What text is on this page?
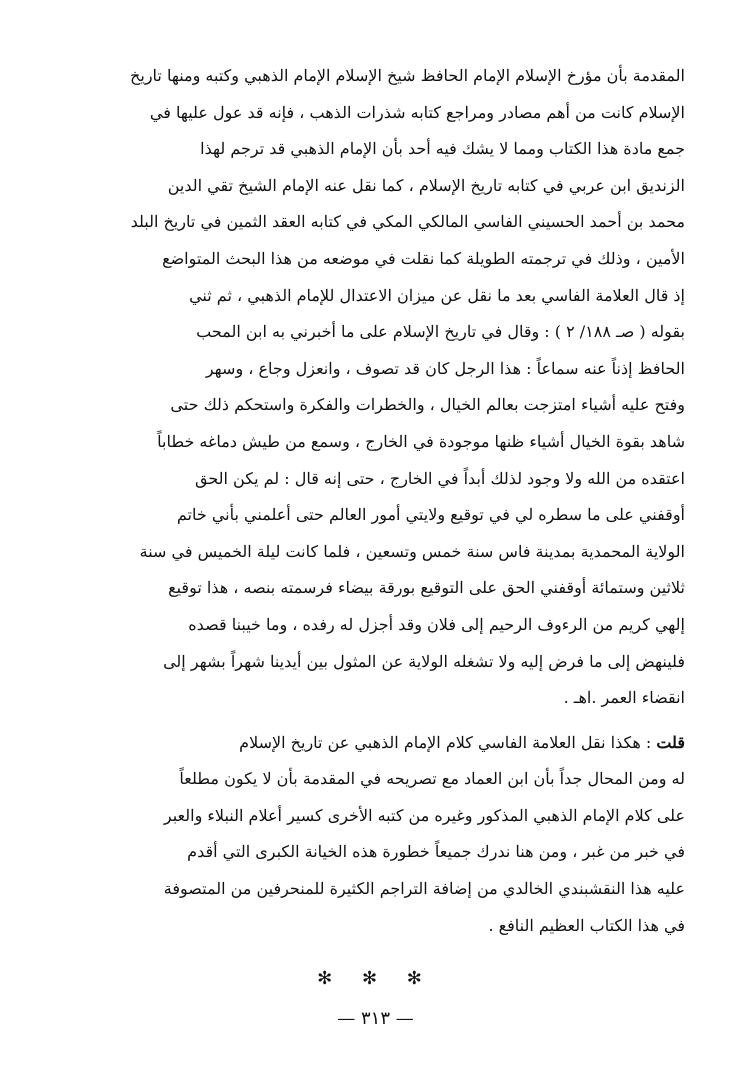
المقدمة بأن مؤرخ الإسلام الإمام الحافظ شيخ الإسلام الإمام الذهبي وكتبه ومنها تاريخ
الإسلام كانت من أهم مصادر ومراجع كتابه شذرات الذهب ، فإنه قد عول عليها في
جمع مادة هذا الكتاب ومما لا يشك فيه أحد بأن الإمام الذهبي قد ترجم لهذا
الزنديق ابن عربي في كتابه تاريخ الإسلام ، كما نقل عنه الإمام الشيخ تقي الدين
محمد بن أحمد الحسيني الفاسي المالكي المكي في كتابه العقد الثمين في تاريخ البلد
الأمين ، وذلك في ترجمته الطويلة كما نقلت في موضعه من هذا البحث المتواضع
إذ قال العلامة الفاسي بعد ما نقل عن ميزان الاعتدال للإمام الذهبي ، ثم ثني
بقوله ( صـ ١٨٨/ ٢ ) : وقال في تاريخ الإسلام على ما أخبرني به ابن المحب
الحافظ إذناً عنه سماعاً : هذا الرجل كان قد تصوف ، وانعزل وجاع ، وسهر
وفتح عليه أشياء امتزجت بعالم الخيال ، والخطرات والفكرة واستحكم ذلك حتى
شاهد بقوة الخيال أشياء ظنها موجودة في الخارج ، وسمع من طيش دماغه خطاباً
اعتقده من الله ولا وجود لذلك أبداً في الخارج ، حتى إنه قال : لم يكن الحق
أوقفني على ما سطره لي في توقيع ولايتي أمور العالم حتى أعلمني بأني خاتم
الولاية المحمدية بمدينة فاس سنة خمس وتسعين ، فلما كانت ليلة الخميس في سنة
ثلاثين وستمائة أوقفني الحق على التوقيع بورقة بيضاء فرسمته بنصه ، هذا توقيع
إلهي كريم من الرءوف الرحيم إلى فلان وقد أجزل له رفده ، وما خيبنا قصده
فلينهض إلى ما فرض إليه ولا تشغله الولاية عن المثول بين أيدينا شهراً بشهر إلى
انقضاء العمر .اهـ .
قلت : هكذا نقل العلامة الفاسي كلام الإمام الذهبي عن تاريخ الإسلام
له ومن المحال جداً بأن ابن العماد مع تصريحه في المقدمة بأن لا يكون مطلعاً
على كلام الإمام الذهبي المذكور وغيره من كتبه الأخرى كسير أعلام النبلاء والعبر
في خبر من غبر ، ومن هنا ندرك جميعاً خطورة هذه الخيانة الكبرى التي أقدم
عليه هذا النقشبندي الخالدي من إضافة التراجم الكثيرة للمنحرفين من المتصوفة
في هذا الكتاب العظيم النافع .
✻ ✻ ✻
— ٣١٣ —
